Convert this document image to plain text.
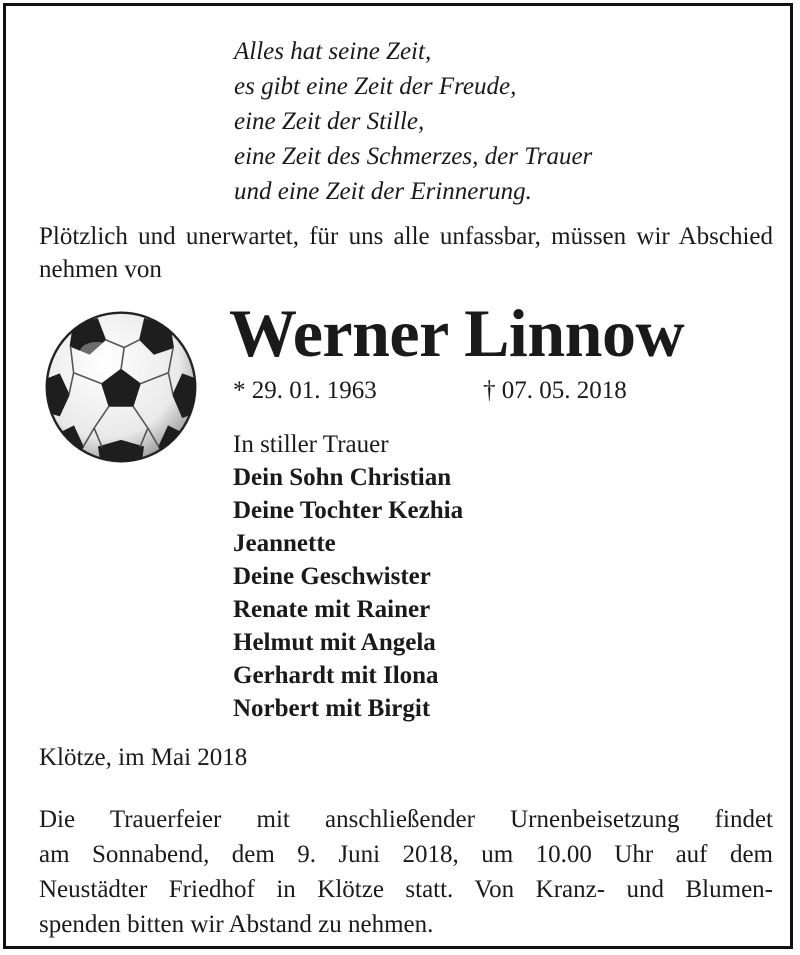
Alles hat seine Zeit,
es gibt eine Zeit der Freude,
eine Zeit der Stille,
eine Zeit des Schmerzes, der Trauer
und eine Zeit der Erinnerung.
Plötzlich und unerwartet, für uns alle unfassbar, müssen wir Abschied nehmen von
Werner Linnow
* 29. 01. 1963	† 07. 05. 2018
In stiller Trauer
Dein Sohn Christian
Deine Tochter Kezhia
Jeannette
Deine Geschwister
Renate mit Rainer
Helmut mit Angela
Gerhardt mit Ilona
Norbert mit Birgit
Klötze, im Mai 2018
Die Trauerfeier mit anschließender Urnenbeisetzung findet
am Sonnabend, dem 9. Juni 2018, um 10.00 Uhr auf dem
Neustädter Friedhof in Klötze statt. Von Kranz- und Blumen-
spenden bitten wir Abstand zu nehmen.
